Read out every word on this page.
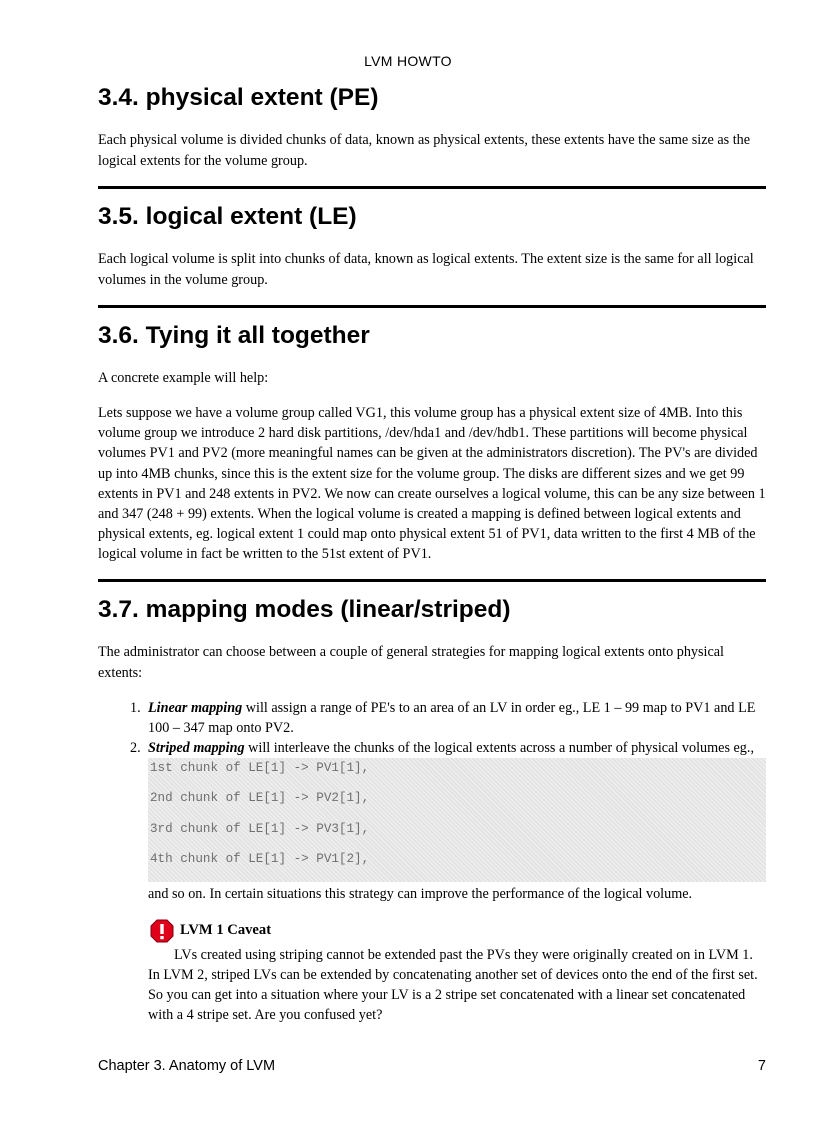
LVM HOWTO
3.4. physical extent (PE)

Each physical volume is divided chunks of data, known as physical extents, these extents have the same size as the logical extents for the volume group.

3.5. logical extent (LE)

Each logical volume is split into chunks of data, known as logical extents. The extent size is the same for all logical volumes in the volume group.

3.6. Tying it all together

A concrete example will help:

Lets suppose we have a volume group called VG1, this volume group has a physical extent size of 4MB. Into this volume group we introduce 2 hard disk partitions, /dev/hda1 and /dev/hdb1. These partitions will become physical volumes PV1 and PV2 (more meaningful names can be given at the administrators discretion). The PV's are divided up into 4MB chunks, since this is the extent size for the volume group. The disks are different sizes and we get 99 extents in PV1 and 248 extents in PV2. We now can create ourselves a logical volume, this can be any size between 1 and 347 (248 + 99) extents. When the logical volume is created a mapping is defined between logical extents and physical extents, eg. logical extent 1 could map onto physical extent 51 of PV1, data written to the first 4 MB of the logical volume in fact be written to the 51st extent of PV1.

3.7. mapping modes (linear/striped)

The administrator can choose between a couple of general strategies for mapping logical extents onto physical extents:

1. Linear mapping will assign a range of PE's to an area of an LV in order eg., LE 1 – 99 map to PV1 and LE 100 – 347 map onto PV2.
2. Striped mapping will interleave the chunks of the logical extents across a number of physical volumes eg.,
1st chunk of LE[1] -> PV1[1],
2nd chunk of LE[1] -> PV2[1],
3rd chunk of LE[1] -> PV3[1],
4th chunk of LE[1] -> PV1[2],

and so on. In certain situations this strategy can improve the performance of the logical volume.

LVM 1 Caveat

LVs created using striping cannot be extended past the PVs they were originally created on in LVM 1.

In LVM 2, striped LVs can be extended by concatenating another set of devices onto the end of the first set. So you can get into a situation where your LV is a 2 stripe set concatenated with a linear set concatenated with a 4 stripe set. Are you confused yet?

Chapter 3. Anatomy of LVM	7
